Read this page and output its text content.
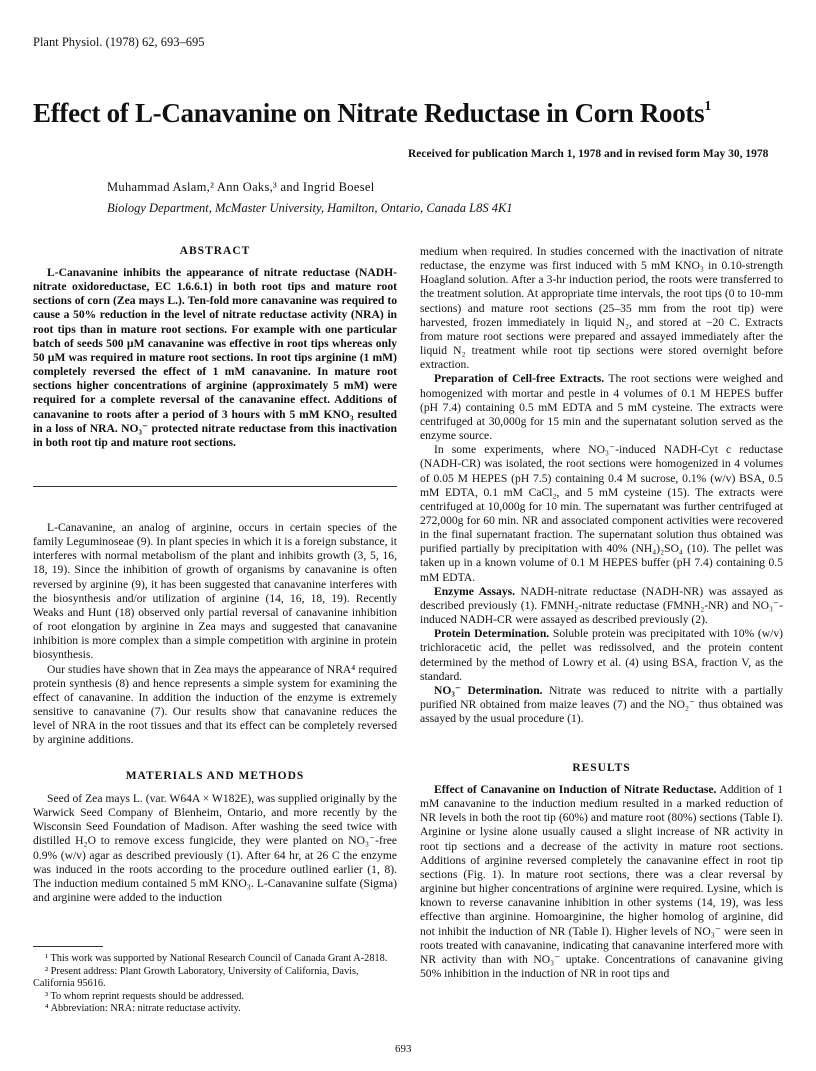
Plant Physiol. (1978) 62, 693–695
Effect of L-Canavanine on Nitrate Reductase in Corn Roots$^1$
Received for publication March 1, 1978 and in revised form May 30, 1978
Muhammad Aslam,² Ann Oaks,³ and Ingrid Boesel
Biology Department, McMaster University, Hamilton, Ontario, Canada L8S 4K1
ABSTRACT

L-Canavanine inhibits the appearance of nitrate reductase (NADH-nitrate oxidoreductase, EC 1.6.6.1) in both root tips and mature root sections of corn (Zea mays L.). Ten-fold more canavanine was required to cause a 50% reduction in the level of nitrate reductase activity (NRA) in root tips than in mature root sections. For example with one particular batch of seeds 500 µM canavanine was effective in root tips whereas only 50 µM was required in mature root sections. In root tips arginine (1 mM) completely reversed the effect of 1 mM canavanine. In mature root sections higher concentrations of arginine (approximately 5 mM) were required for a complete reversal of the canavanine effect. Additions of canavanine to roots after a period of 3 hours with 5 mM KNO₃ resulted in a loss of NRA. NO₃⁻ protected nitrate reductase from this inactivation in both root tip and mature root sections.

L-Canavanine, an analog of arginine, occurs in certain species of the family Leguminoseae (9). In plant species in which it is a foreign substance, it interferes with normal metabolism of the plant and inhibits growth (3, 5, 16, 18, 19). Since the inhibition of growth of organisms by canavanine is often reversed by arginine (9), it has been suggested that canavanine interferes with the biosynthesis and/or utilization of arginine (14, 16, 18, 19). Recently Weaks and Hunt (18) observed only partial reversal of canavanine inhibition of root elongation by arginine in Zea mays and suggested that canavanine inhibition is more complex than a simple competition with arginine in protein biosynthesis.

Our studies have shown that in Zea mays the appearance of NRA⁴ required protein synthesis (8) and hence represents a simple system for examining the effect of canavanine. In addition the induction of the enzyme is extremely sensitive to canavanine (7). Our results show that canavanine reduces the level of NRA in the root tissues and that its effect can be completely reversed by arginine additions.

MATERIALS AND METHODS

Seed of Zea mays L. (var. W64A × W182E), was supplied originally by the Warwick Seed Company of Blenheim, Ontario, and more recently by the Wisconsin Seed Foundation of Madison. After washing the seed twice with distilled H₂O to remove excess fungicide, they were planted on NO₃⁻-free 0.9% (w/v) agar as described previously (1). After 64 hr, at 26 C the enzyme was induced in the roots according to the procedure outlined earlier (1, 8). The induction medium contained 5 mM KNO₃. L-Canavanine sulfate (Sigma) and arginine were added to the induction

¹ This work was supported by National Research Council of Canada Grant A-2818.

² Present address: Plant Growth Laboratory, University of California, Davis, California 95616.

³ To whom reprint requests should be addressed.

⁴ Abbreviation: NRA: nitrate reductase activity.

medium when required. In studies concerned with the inactivation of nitrate reductase, the enzyme was first induced with 5 mM KNO₃ in 0.10-strength Hoagland solution. After a 3-hr induction period, the roots were transferred to the treatment solution. At appropriate time intervals, the root tips (0 to 10-mm sections) and mature root sections (25–35 mm from the root tip) were harvested, frozen immediately in liquid N₂, and stored at −20 C. Extracts from mature root sections were prepared and assayed immediately after the liquid N₂ treatment while root tip sections were stored overnight before extraction.

Preparation of Cell-free Extracts. The root sections were weighed and homogenized with mortar and pestle in 4 volumes of 0.1 M HEPES buffer (pH 7.4) containing 0.5 mM EDTA and 5 mM cysteine. The extracts were centrifuged at 30,000g for 15 min and the supernatant solution served as the enzyme source.

In some experiments, where NO₃⁻-induced NADH-Cyt c reductase (NADH-CR) was isolated, the root sections were homogenized in 4 volumes of 0.05 M HEPES (pH 7.5) containing 0.4 M sucrose, 0.1% (w/v) BSA, 0.5 mM EDTA, 0.1 mM CaCl₂, and 5 mM cysteine (15). The extracts were centrifuged at 10,000g for 10 min. The supernatant was further centrifuged at 272,000g for 60 min. NR and associated component activities were recovered in the final supernatant fraction. The supernatant solution thus obtained was purified partially by precipitation with 40% (NH₄)₂SO₄ (10). The pellet was taken up in a known volume of 0.1 M HEPES buffer (pH 7.4) containing 0.5 mM EDTA.

Enzyme Assays. NADH-nitrate reductase (NADH-NR) was assayed as described previously (1). FMNH₂-nitrate reductase (FMNH₂-NR) and NO₃⁻-induced NADH-CR were assayed as described previously (2).

Protein Determination. Soluble protein was precipitated with 10% (w/v) trichloracetic acid, the pellet was redissolved, and the protein content determined by the method of Lowry et al. (4) using BSA, fraction V, as the standard.

NO₃⁻ Determination. Nitrate was reduced to nitrite with a partially purified NR obtained from maize leaves (7) and the NO₂⁻ thus obtained was assayed by the usual procedure (1).

RESULTS

Effect of Canavanine on Induction of Nitrate Reductase. Addition of 1 mM canavanine to the induction medium resulted in a marked reduction of NR levels in both the root tip (60%) and mature root (80%) sections (Table I). Arginine or lysine alone usually caused a slight increase of NR activity in root tip sections and a decrease of the activity in mature root sections. Additions of arginine reversed completely the canavanine effect in root tip sections (Fig. 1). In mature root sections, there was a clear reversal by arginine but higher concentrations of arginine were required. Lysine, which is known to reverse canavanine inhibition in other systems (14, 19), was less effective than arginine. Homoarginine, the higher homolog of arginine, did not inhibit the induction of NR (Table I). Higher levels of NO₃⁻ were seen in roots treated with canavanine, indicating that canavanine interfered more with NR activity than with NO₃⁻ uptake. Concentrations of canavanine giving 50% inhibition in the induction of NR in root tips and

693
